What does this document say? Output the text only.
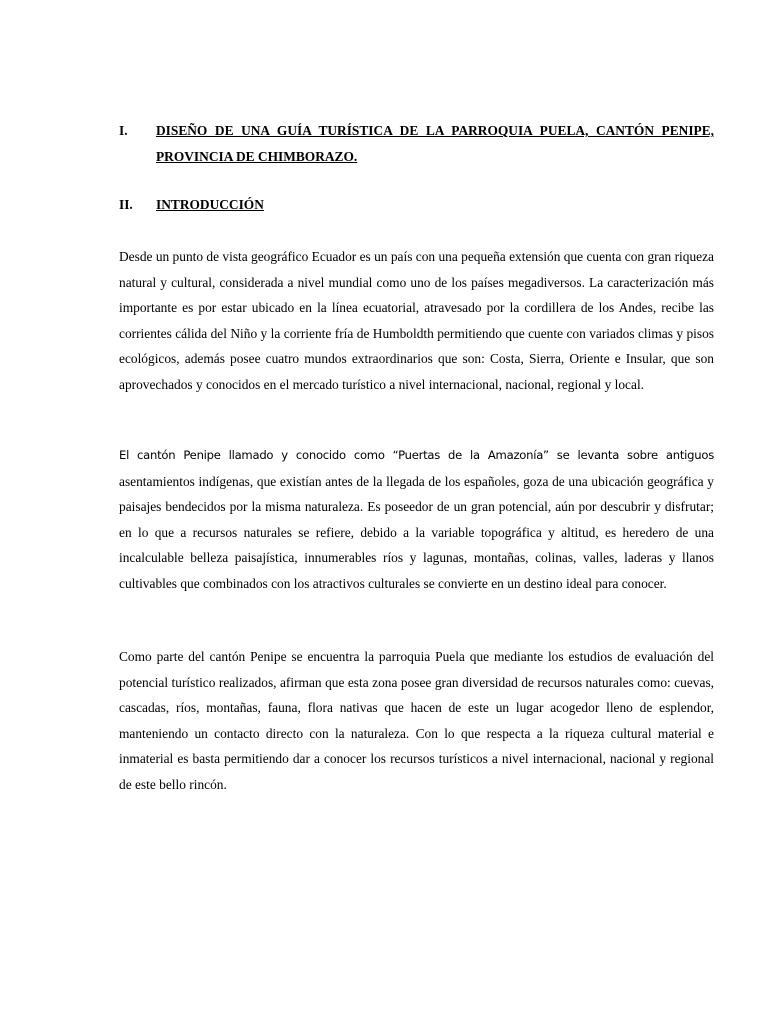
I. DISEÑO DE UNA GUÍA TURÍSTICA DE LA PARROQUIA PUELA, CANTÓN PENIPE, PROVINCIA DE CHIMBORAZO.
II. INTRODUCCIÓN

Desde un punto de vista geográfico Ecuador es un país con una pequeña extensión que cuenta con gran riqueza natural y cultural, considerada a nivel mundial como uno de los países megadiversos. La caracterización más importante es por estar ubicado en la línea ecuatorial, atravesado por la cordillera de los Andes, recibe las corrientes cálida del Niño y la corriente fría de Humboldth permitiendo que cuente con variados climas y pisos ecológicos, además posee cuatro mundos extraordinarios que son: Costa, Sierra, Oriente e Insular, que son aprovechados y conocidos en el mercado turístico a nivel internacional, nacional, regional y local.

El cantón Penipe llamado y conocido como “Puertas de la Amazonía” se levanta sobre antiguos asentamientos indígenas, que existían antes de la llegada de los españoles, goza de una ubicación geográfica y paisajes bendecidos por la misma naturaleza. Es poseedor de un gran potencial, aún por descubrir y disfrutar; en lo que a recursos naturales se refiere, debido a la variable topográfica y altitud, es heredero de una incalculable belleza paisajística, innumerables ríos y lagunas, montañas, colinas, valles, laderas y llanos cultivables que combinados con los atractivos culturales se convierte en un destino ideal para conocer.

Como parte del cantón Penipe se encuentra la parroquia Puela que mediante los estudios de evaluación del potencial turístico realizados, afirman que esta zona posee gran diversidad de recursos naturales como: cuevas, cascadas, ríos, montañas, fauna, flora nativas que hacen de este un lugar acogedor lleno de esplendor, manteniendo un contacto directo con la naturaleza. Con lo que respecta a la riqueza cultural material e inmaterial es basta permitiendo dar a conocer los recursos turísticos a nivel internacional, nacional y regional de este bello rincón.
